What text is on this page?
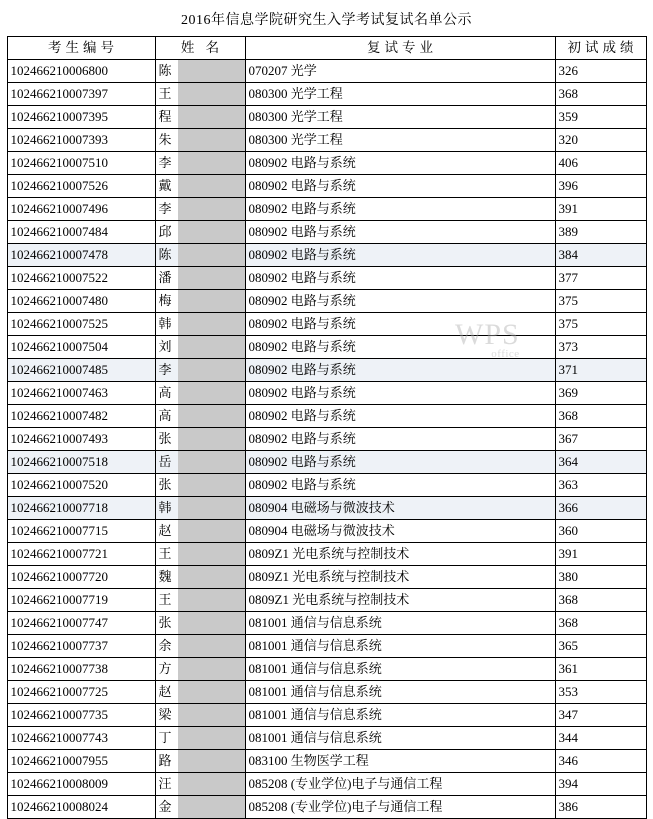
2016年信息学院研究生入学考试复试名单公示
考生编号	姓 名	复试专业	初试成绩
102466210006800	陈	070207 光学	326
102466210007397	王	080300 光学工程	368
102466210007395	程	080300 光学工程	359
102466210007393	朱	080300 光学工程	320
102466210007510	李	080902 电路与系统	406
102466210007526	戴	080902 电路与系统	396
102466210007496	李	080902 电路与系统	391
102466210007484	邱	080902 电路与系统	389
102466210007478	陈	080902 电路与系统	384
102466210007522	潘	080902 电路与系统	377
102466210007480	梅	080902 电路与系统	375
102466210007525	韩	080902 电路与系统	375
102466210007504	刘	080902 电路与系统	373
102466210007485	李	080902 电路与系统	371
102466210007463	高	080902 电路与系统	369
102466210007482	高	080902 电路与系统	368
102466210007493	张	080902 电路与系统	367
102466210007518	岳	080902 电路与系统	364
102466210007520	张	080902 电路与系统	363
102466210007718	韩	080904 电磁场与微波技术	366
102466210007715	赵	080904 电磁场与微波技术	360
102466210007721	王	0809Z1 光电系统与控制技术	391
102466210007720	魏	0809Z1 光电系统与控制技术	380
102466210007719	王	0809Z1 光电系统与控制技术	368
102466210007747	张	081001 通信与信息系统	368
102466210007737	余	081001 通信与信息系统	365
102466210007738	方	081001 通信与信息系统	361
102466210007725	赵	081001 通信与信息系统	353
102466210007735	梁	081001 通信与信息系统	347
102466210007743	丁	081001 通信与信息系统	344
102466210007955	路	083100 生物医学工程	346
102466210008009	汪	085208 (专业学位)电子与通信工程	394
102466210008024	金	085208 (专业学位)电子与通信工程	386
WPS
office
